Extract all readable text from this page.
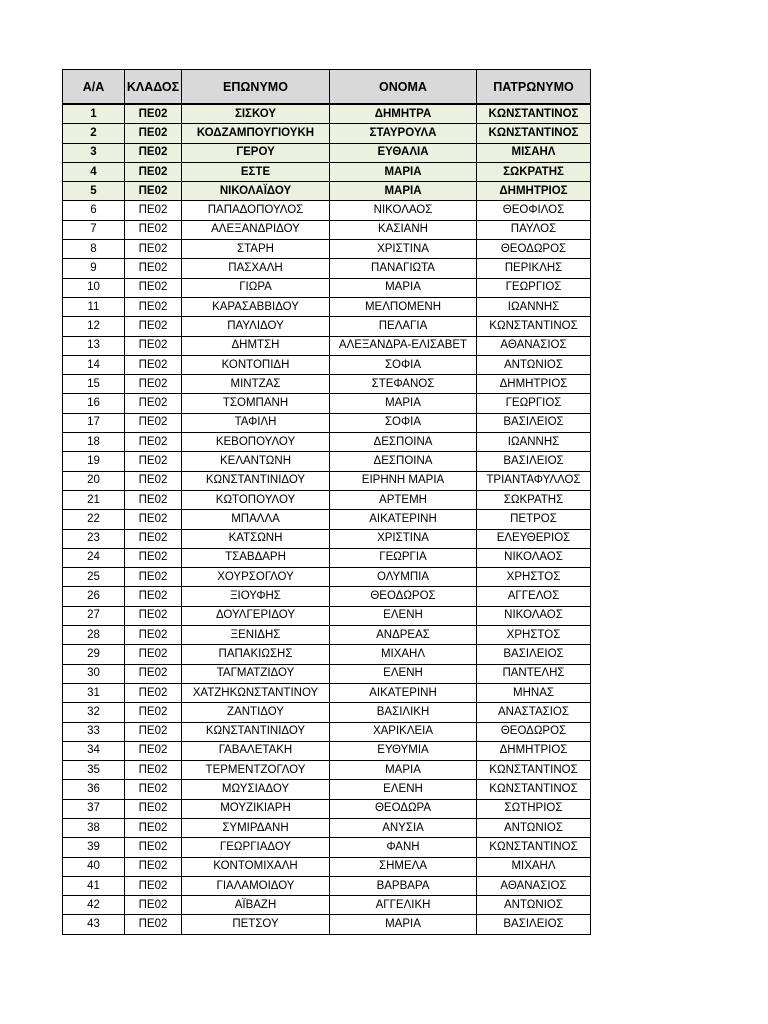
Α/Α	ΚΛΑΔΟΣ	ΕΠΩΝΥΜΟ	ΟΝΟΜΑ	ΠΑΤΡΩΝΥΜΟ
1	ΠΕ02	ΣΙΣΚΟΥ	ΔΗΜΗΤΡΑ	ΚΩΝΣΤΑΝΤΙΝΟΣ
2	ΠΕ02	ΚΟΔΖΑΜΠΟΥΓΙΟΥΚΗ	ΣΤΑΥΡΟΥΛΑ	ΚΩΝΣΤΑΝΤΙΝΟΣ
3	ΠΕ02	ΓΕΡΟΥ	ΕΥΘΑΛΙΑ	ΜΙΣΑΗΛ
4	ΠΕ02	ΕΣΤΕ	ΜΑΡΙΑ	ΣΩΚΡΑΤΗΣ
5	ΠΕ02	ΝΙΚΟΛΑΪΔΟΥ	ΜΑΡΙΑ	ΔΗΜΗΤΡΙΟΣ
6	ΠΕ02	ΠΑΠΑΔΟΠΟΥΛΟΣ	ΝΙΚΟΛΑΟΣ	ΘΕΟΦΙΛΟΣ
7	ΠΕ02	ΑΛΕΞΑΝΔΡΙΔΟΥ	ΚΑΣΙΑΝΗ	ΠΑΥΛΟΣ
8	ΠΕ02	ΣΤΑΡΗ	ΧΡΙΣΤΙΝΑ	ΘΕΟΔΩΡΟΣ
9	ΠΕ02	ΠΑΣΧΑΛΗ	ΠΑΝΑΓΙΩΤΑ	ΠΕΡΙΚΛΗΣ
10	ΠΕ02	ΓΙΩΡΑ	ΜΑΡΙΑ	ΓΕΩΡΓΙΟΣ
11	ΠΕ02	ΚΑΡΑΣΑΒΒΙΔΟΥ	ΜΕΛΠΟΜΕΝΗ	ΙΩΑΝΝΗΣ
12	ΠΕ02	ΠΑΥΛΙΔΟΥ	ΠΕΛΑΓΙΑ	ΚΩΝΣΤΑΝΤΙΝΟΣ
13	ΠΕ02	ΔΗΜΤΣΗ	ΑΛΕΞΑΝΔΡΑ-ΕΛΙΣΑΒΕΤ	ΑΘΑΝΑΣΙΟΣ
14	ΠΕ02	ΚΟΝΤΟΠΙΔΗ	ΣΟΦΙΑ	ΑΝΤΩΝΙΟΣ
15	ΠΕ02	ΜΙΝΤΖΑΣ	ΣΤΕΦΑΝΟΣ	ΔΗΜΗΤΡΙΟΣ
16	ΠΕ02	ΤΣΟΜΠΑΝΗ	ΜΑΡΙΑ	ΓΕΩΡΓΙΟΣ
17	ΠΕ02	ΤΑΦΙΛΗ	ΣΟΦΙΑ	ΒΑΣΙΛΕΙΟΣ
18	ΠΕ02	ΚΕΒΟΠΟΥΛΟΥ	ΔΕΣΠΟΙΝΑ	ΙΩΑΝΝΗΣ
19	ΠΕ02	ΚΕΛΑΝΤΩΝΗ	ΔΕΣΠΟΙΝΑ	ΒΑΣΙΛΕΙΟΣ
20	ΠΕ02	ΚΩΝΣΤΑΝΤΙΝΙΔΟΥ	ΕΙΡΗΝΗ ΜΑΡΙΑ	ΤΡΙΑΝΤΑΦΥΛΛΟΣ
21	ΠΕ02	ΚΩΤΟΠΟΥΛΟΥ	ΑΡΤΕΜΗ	ΣΩΚΡΑΤΗΣ
22	ΠΕ02	ΜΠΑΛΛΑ	ΑΙΚΑΤΕΡΙΝΗ	ΠΕΤΡΟΣ
23	ΠΕ02	ΚΑΤΣΩΝΗ	ΧΡΙΣΤΙΝΑ	ΕΛΕΥΘΕΡΙΟΣ
24	ΠΕ02	ΤΣΑΒΔΑΡΗ	ΓΕΩΡΓΙΑ	ΝΙΚΟΛΑΟΣ
25	ΠΕ02	ΧΟΥΡΣΟΓΛΟΥ	ΟΛΥΜΠΙΑ	ΧΡΗΣΤΟΣ
26	ΠΕ02	ΞΙΟΥΦΗΣ	ΘΕΟΔΩΡΟΣ	ΑΓΓΕΛΟΣ
27	ΠΕ02	ΔΟΥΛΓΕΡΙΔΟΥ	ΕΛΕΝΗ	ΝΙΚΟΛΑΟΣ
28	ΠΕ02	ΞΕΝΙΔΗΣ	ΑΝΔΡΕΑΣ	ΧΡΗΣΤΟΣ
29	ΠΕ02	ΠΑΠΑΚΙΩΣΗΣ	ΜΙΧΑΗΛ	ΒΑΣΙΛΕΙΟΣ
30	ΠΕ02	ΤΑΓΜΑΤΖΙΔΟΥ	ΕΛΕΝΗ	ΠΑΝΤΕΛΗΣ
31	ΠΕ02	ΧΑΤΖΗΚΩΝΣΤΑΝΤΙΝΟΥ	ΑΙΚΑΤΕΡΙΝΗ	ΜΗΝΑΣ
32	ΠΕ02	ΖΑΝΤΙΔΟΥ	ΒΑΣΙΛΙΚΗ	ΑΝΑΣΤΑΣΙΟΣ
33	ΠΕ02	ΚΩΝΣΤΑΝΤΙΝΙΔΟΥ	ΧΑΡΙΚΛΕΙΑ	ΘΕΟΔΩΡΟΣ
34	ΠΕ02	ΓΑΒΑΛΕΤΑΚΗ	ΕΥΘΥΜΙΑ	ΔΗΜΗΤΡΙΟΣ
35	ΠΕ02	ΤΕΡΜΕΝΤΖΟΓΛΟΥ	ΜΑΡΙΑ	ΚΩΝΣΤΑΝΤΙΝΟΣ
36	ΠΕ02	ΜΩΥΣΙΑΔΟΥ	ΕΛΕΝΗ	ΚΩΝΣΤΑΝΤΙΝΟΣ
37	ΠΕ02	ΜΟΥΖΙΚΙΑΡΗ	ΘΕΟΔΩΡΑ	ΣΩΤΗΡΙΟΣ
38	ΠΕ02	ΣΥΜΙΡΔΑΝΗ	ΑΝΥΣΙΑ	ΑΝΤΩΝΙΟΣ
39	ΠΕ02	ΓΕΩΡΓΙΑΔΟΥ	ΦΑΝΗ	ΚΩΝΣΤΑΝΤΙΝΟΣ
40	ΠΕ02	ΚΟΝΤΟΜΙΧΑΛΗ	ΣΗΜΕΛΑ	ΜΙΧΑΗΛ
41	ΠΕ02	ΓΙΑΛΑΜΟΙΔΟΥ	ΒΑΡΒΑΡΑ	ΑΘΑΝΑΣΙΟΣ
42	ΠΕ02	ΑΪΒΑΖΗ	ΑΓΓΕΛΙΚΗ	ΑΝΤΩΝΙΟΣ
43	ΠΕ02	ΠΕΤΣΟΥ	ΜΑΡΙΑ	ΒΑΣΙΛΕΙΟΣ
